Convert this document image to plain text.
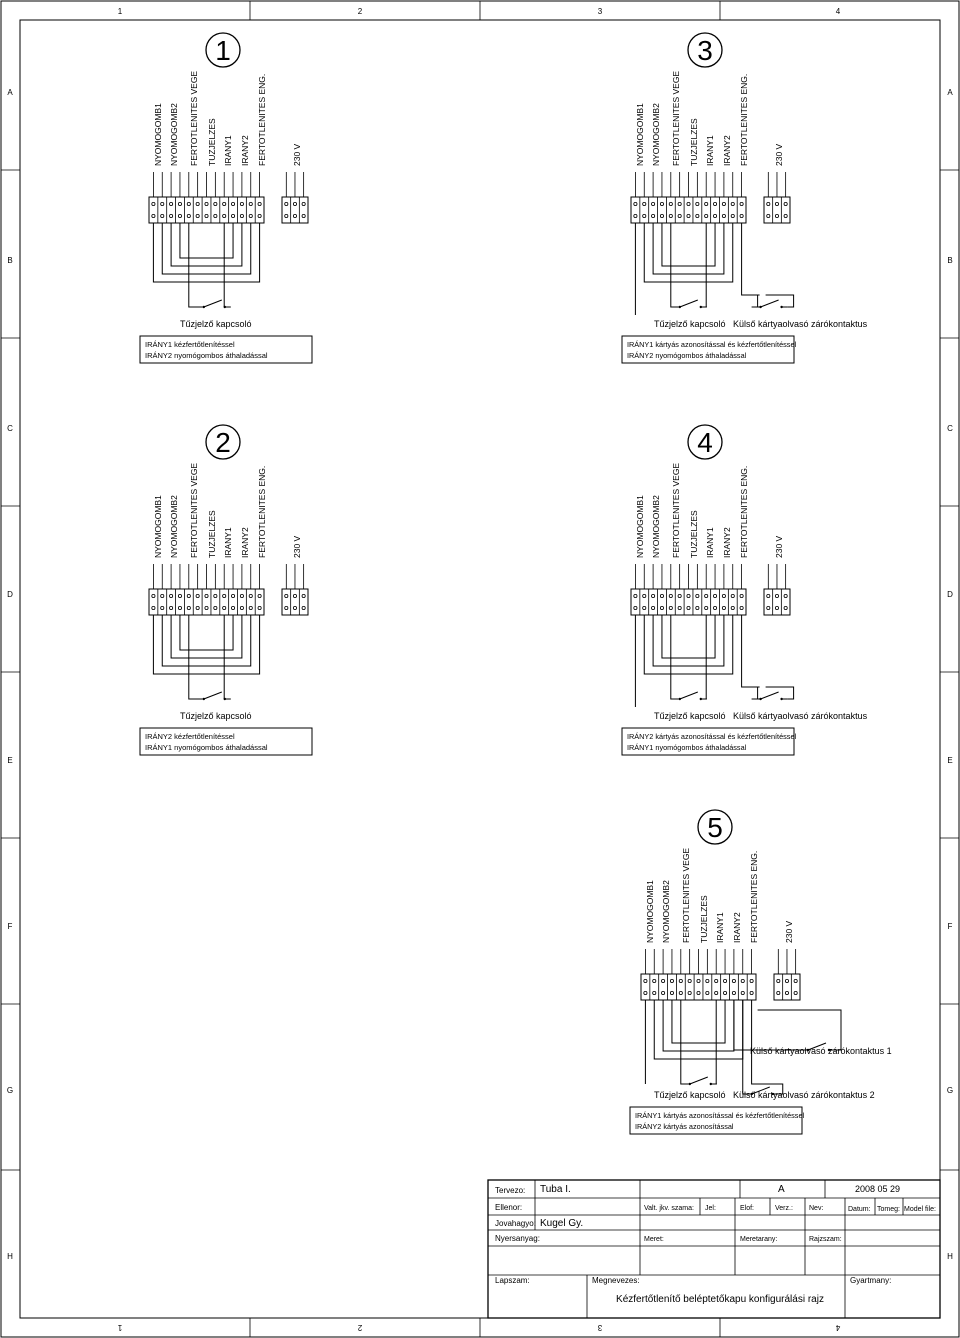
1
1
2
2
3
3
4
4
A	A
B	B
C	C
D	D
E	E
F	F
G	G
H	H
1
NYOMOGOMB1 NYOMOGOMB2 FERTOTLENITES VEGE TUZJELZES IRANY1 IRANY2 FERTOTLENITES ENG.	230 V
Tűzjelző kapcsoló
IRÁNY1 kézfertőtlenítéssel
IRÁNY2 nyomógombos áthaladással
2
NYOMOGOMB1 NYOMOGOMB2 FERTOTLENITES VEGE TUZJELZES IRANY1 IRANY2 FERTOTLENITES ENG.	230 V
Tűzjelző kapcsoló
IRÁNY2 kézfertőtlenítéssel
IRÁNY1 nyomógombos áthaladással
3
NYOMOGOMB1 NYOMOGOMB2 FERTOTLENITES VEGE TUZJELZES IRANY1 IRANY2 FERTOTLENITES ENG.	230 V
Tűzjelző kapcsoló Külső kártyaolvasó zárókontaktus
IRÁNY1 kártyás azonosítással és kézfertőtlenítéssel
IRÁNY2 nyomógombos áthaladással
4
NYOMOGOMB1 NYOMOGOMB2 FERTOTLENITES VEGE TUZJELZES IRANY1 IRANY2 FERTOTLENITES ENG.	230 V
Tűzjelző kapcsoló Külső kártyaolvasó zárókontaktus
IRÁNY2 kártyás azonosítással és kézfertőtlenítéssel
IRÁNY1 nyomógombos áthaladással
5
NYOMOGOMB1 NYOMOGOMB2 FERTOTLENITES VEGE TUZJELZES IRANY1 IRANY2 FERTOTLENITES ENG.	230 V
Tűzjelző kapcsoló Külső kártyaolvasó zárókontaktus 2
Külső kártyaolvasó zárókontaktus 1
IRÁNY1 kártyás azonosítással és kézfertőtlenítéssel
IRÁNY2 kártyás azonosítással
Tervezo: Tuba I.	A	2008 05 29
Ellenor:	Valt. jkv. szama: Jel:	Elof:	Verz.: Nev:	Datum: Tomeg: Model file:
Jovahagyo: Kugel Gy.
Nyersanyag:	Meret:	Meretarany:	Rajzszam:
Lapszam:	Megnevezes:	Gyartmany:
Kézfertőtlenítő beléptetőkapu konfigurálási rajz
